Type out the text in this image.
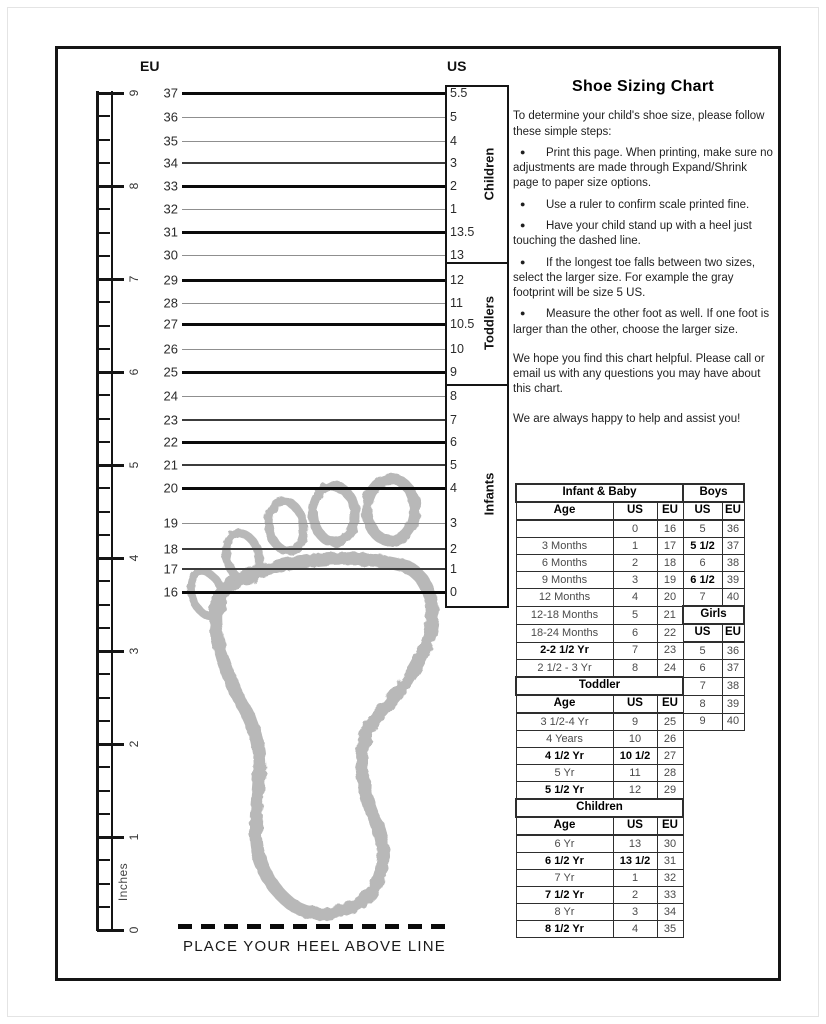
9
8
7
6
5
4
3
2
1
0
Inches
EU	US
37	5.5
36	5
35	4
34	3
33	2
32	1
31	13.5
30	13
29	12
28	11
27	10.5
26	10
25	9
24	8
23	7
22	6
21	5
20	4
19	3
18	2
17	1
16	0
Children
Toddlers
Infants
PLACE YOUR HEEL ABOVE LINE
Shoe Sizing Chart

To determine your child's shoe size, please follow these simple steps:

● Print this page. When printing, make sure no adjustments are made through Expand/Shrink page to paper size options.

● Use a ruler to confirm scale printed fine.

● Have your child stand up with a heel just touching the dashed line.

● If the longest toe falls between two sizes, select the larger size. For example the gray footprint will be size 5 US.

● Measure the other foot as well. If one foot is larger than the other, choose the larger size.

We hope you find this chart helpful. Please call or email us with any questions you may have about this chart.

We are always happy to help and assist you!

Infant & Baby			Boys	
Age	US	EU	US	EU
	0	16	5	36
3 Months	1	17	5 1/2	37
6 Months	2	18	6	38
9 Months	3	19	6 1/2	39
12 Months	4	20	7	40
12-18 Months	5	21	Girls	
18-24 Months	6	22	US	EU
2-2 1/2 Yr	7	23	5	36
2 1/2 - 3 Yr	8	24	6	37
Toddler			7	38
Age	US	EU	8	39
3 1/2-4 Yr	9	25	9	40
4 Years	10	26		
4 1/2 Yr	10 1/2	27		
5 Yr	11	28		
5 1/2 Yr	12	29		
Children				
Age	US	EU		
6 Yr	13	30		
6 1/2 Yr	13 1/2	31		
7 Yr	1	32		
7 1/2 Yr	2	33		
8 Yr	3	34		
8 1/2 Yr	4	35		
